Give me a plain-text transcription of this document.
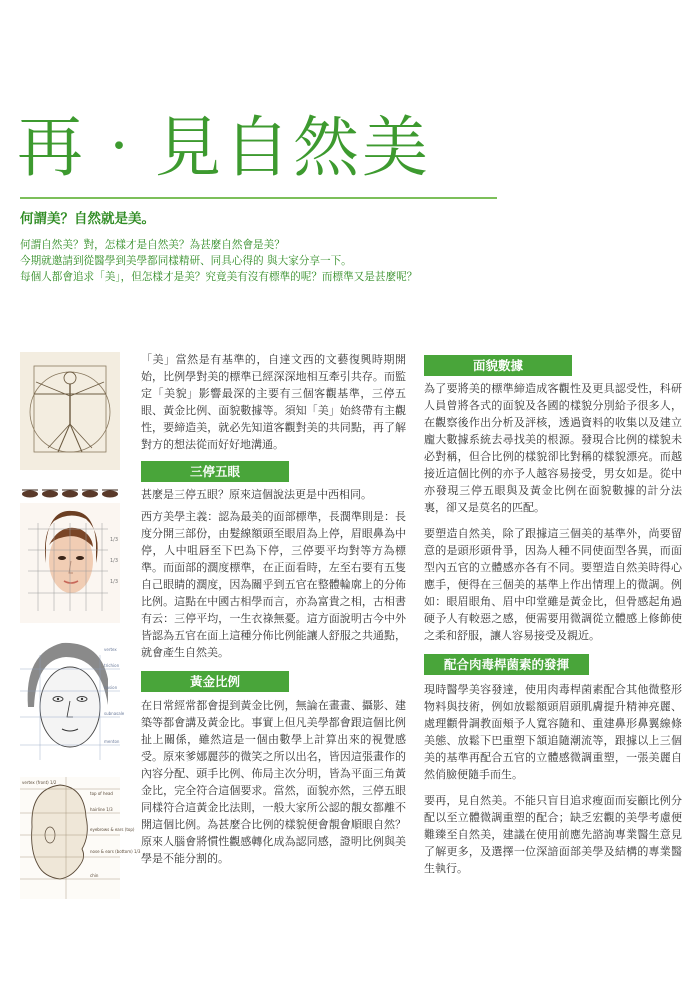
再‧見自然美
何謂美？自然就是美。
何謂自然美？對，怎樣才是自然美？為甚麼自然會是美？
今期就邀請到從醫學到美學都同樣精研、同具心得的 與大家分享一下。
每個人都會追求「美」，但怎樣才是美？究竟美有沒有標準的呢？而標準又是甚麼呢？
1/3
1/3
1/3
trichion
nasion
subnasale
menton
vertex
vertex (front) 1/2
top of head
hairline 1/3
eyebrows & ears (top)
nose & ears (bottom) 1/3
chin

「美」當然是有基準的，自達文西的文藝復興時期開始，比例學對美的標準已經深深地相互牽引共存。而監定「美貌」影響最深的主要有三個客觀基準，三停五眼、黃金比例、面貌數據等。須知「美」始終帶有主觀性，要締造美，就必先知道客觀對美的共同點，再了解對方的想法從而好好地溝通。

三停五眼

甚麼是三停五眼？原來這個說法更是中西相同。

西方美學主義：認為最美的面部標準，長濶準則是：長度分開三部份，由髮線額頭至眼眉為上停，眉眼鼻為中停，人中咀唇至下巴為下停，三停要平均對等方為標準。而面部的濶度標準，在正面看時，左至右要有五隻自己眼睛的濶度，因為關乎到五官在整體輪廓上的分佈比例。這點在中國古相學而言，亦為富貴之相，古相書有云：三停平均，一生衣祿無憂。這方面說明古今中外皆認為五官在面上這種分佈比例能讓人舒服之共通點，就會產生自然美。

黃金比例

在日常經常都會提到黃金比例，無論在畫畫、攝影、建築等都會講及黃金比。事實上但凡美學都會跟這個比例扯上關係，雖然這是一個由數學上計算出來的視覺感受。原來爹娜麗莎的微笑之所以出名，皆因這張畫作的內容分配、頭手比例、佈局主次分明，皆為平面三角黃金比，完全符合這個要求。當然，面貌亦然，三停五眼同樣符合這黃金比法則，一般大家所公認的靚女都離不開這個比例。為甚麼合比例的樣貌便會靚會順眼自然？原來人腦會將慣性觀感轉化成為認同感，證明比例與美學是不能分割的。

面貌數據

為了要將美的標準締造成客觀性及更具認受性，科研人員曾將各式的面貌及各國的樣貌分別給予很多人，在觀察後作出分析及評核，透過資料的收集以及建立龐大數據系統去尋找美的根源。發現合比例的樣貌未必對稱，但合比例的樣貌卻比對稱的樣貌漂亮。而越接近這個比例的亦予人越容易接受，男女如是。從中亦發現三停五眼與及黃金比例在面貌數據的計分法裏，卻又是莫名的匹配。

要塑造自然美，除了跟據這三個美的基準外，尚要留意的是頭形頭骨爭，因為人種不同使面型各異，而面型內五官的立體感亦各有不同。要塑造自然美時得心應手，便得在三個美的基準上作出情理上的微調。例如：眼眉眼角、眉中印堂雖是黃金比，但骨感起角過硬予人有較惡之感，便需要用微調從立體感上修飾使之柔和舒服，讓人容易接受及親近。

配合肉毒桿菌素的發揮

現時醫學美容發達，使用肉毒桿菌素配合其他微整形物料與技術，例如放鬆額頭眉頭肌膚提升精神亮麗、處理顴骨調教面頰予人寬容隨和、重建鼻形鼻翼線條美態、放鬆下巴重塑下頷追隨潮流等，跟據以上三個美的基準再配合五官的立體感微調重塑，一張美麗自然俏臉便隨手而生。

要再，見自然美。不能只盲目追求瘦面而妄顧比例分配以至立體微調重塑的配合；缺乏宏觀的美學考慮便難臻至自然美，建議在使用前應先諮詢專業醫生意見了解更多，及選擇一位深諳面部美學及結構的專業醫生執行。
